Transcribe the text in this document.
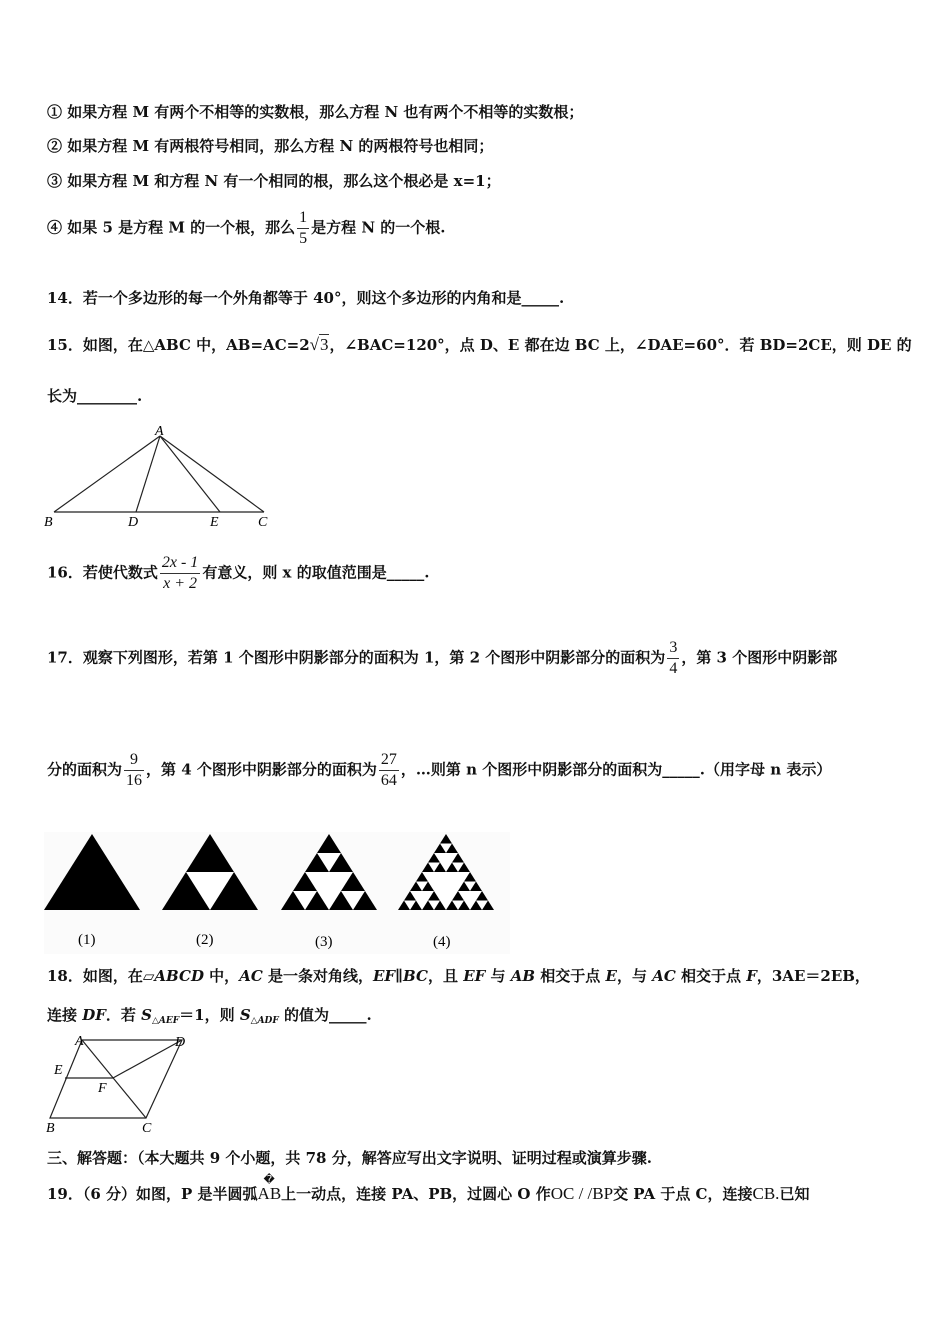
① 如果方程 M 有两个不相等的实数根，那么方程 N 也有两个不相等的实数根；
② 如果方程 M 有两根符号相同，那么方程 N 的两根符号也相同；
③ 如果方程 M 和方程 N 有一个相同的根，那么这个根必是 x=1；
④ 如果 5 是方程 M 的一个根，那么 $\frac{1}{5}$ 是方程 N 的一个根.
14．若一个多边形的每一个外角都等于 40°，则这个多边形的内角和是_____.
15．如图，在△ABC 中，AB=AC=2√3，∠BAC=120°，点 D、E 都在边 BC 上，∠DAE=60°．若 BD=2CE，则 DE 的
长为________.
A
B	D	E	C
16．若使代数式 $\frac{2x - 1}{x + 2}$ 有意义，则 x 的取值范围是_____.
17．观察下列图形，若第 1 个图形中阴影部分的面积为 1，第 2 个图形中阴影部分的面积为 $\frac{3}{4}$ ，第 3 个图形中阴影部
分的面积为 $\frac{9}{16}$ ，第 4 个图形中阴影部分的面积为 $\frac{27}{64}$ ，…则第 n 个图形中阴影部分的面积为_____.（用字母 n 表示）
(1)	(2)	(3)	(4)
18．如图，在▱ABCD 中，AC 是一条对角线，EF∥BC，且 EF 与 AB 相交于点 E，与 AC 相交于点 F，3AE＝2EB，
连接 DF．若 $S_{\triangle AEF}=1$，则 $S_{\triangle ADF}$ 的值为_____.
A	D
E
F
B	C
三、解答题：（本大题共 9 个小题，共 78 分，解答应写出文字说明、证明过程或演算步骤.
19．（6 分）如图，P 是半圆弧
�
AB上一动点，连接 PA、PB，过圆心 O 作OC / /BP交 PA 于点 C，连接CB.已知
